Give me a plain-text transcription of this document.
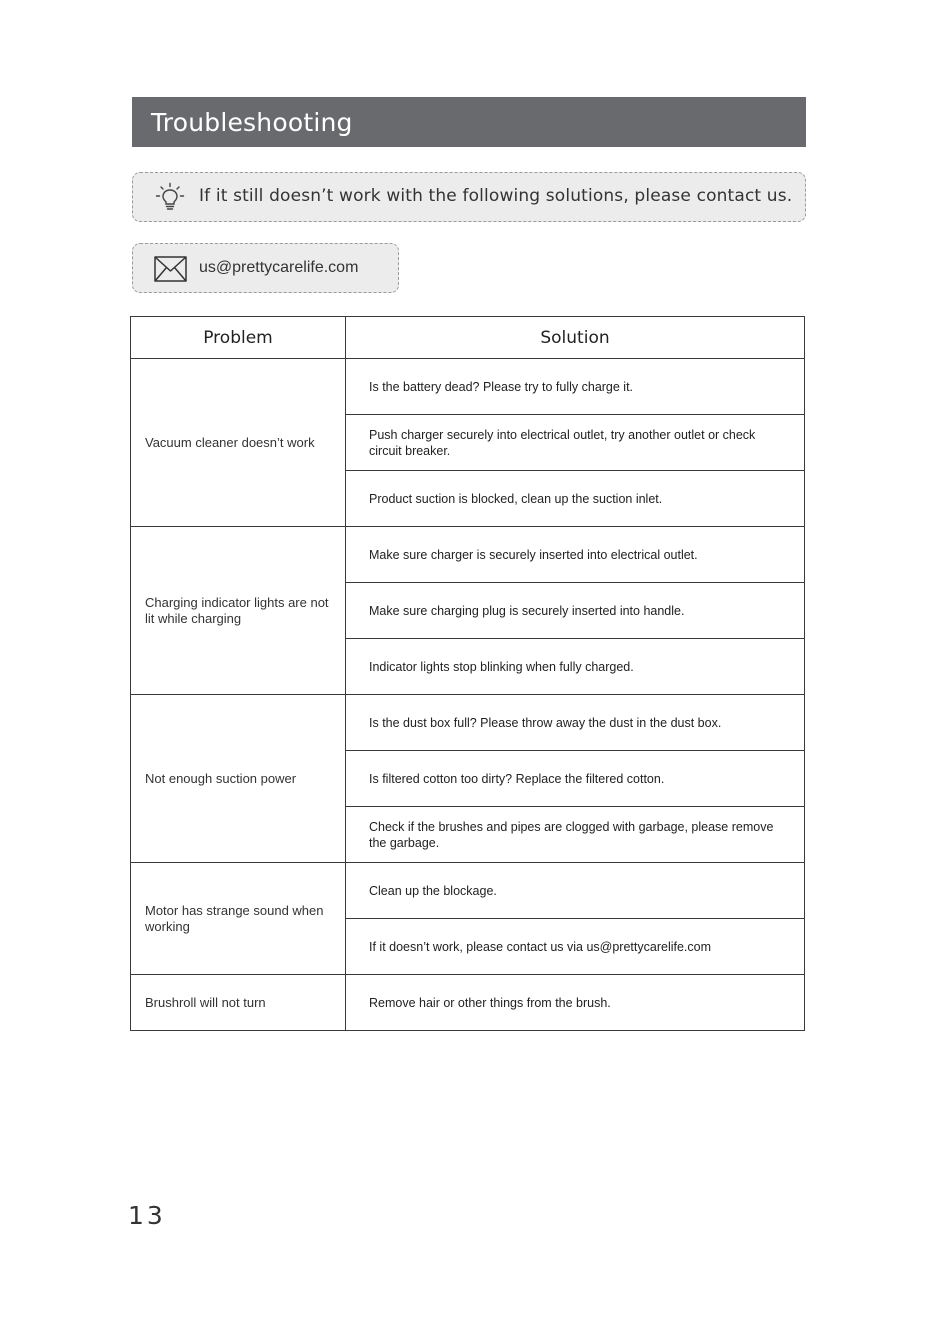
Troubleshooting
If it still doesn’t work with the following solutions, please contact us.
us@prettycarelife.com
Problem	Solution
Vacuum cleaner doesn’t work	Is the battery dead? Please try to fully charge it.
	Push charger securely into electrical outlet, try another outlet or check circuit breaker.
	Product suction is blocked, clean up the suction inlet.
Charging indicator lights are not lit while charging	Make sure charger is securely inserted into electrical outlet.
	Make sure charging plug is securely inserted into handle.
	Indicator lights stop blinking when fully charged.
Not enough suction power	Is the dust box full? Please throw away the dust in the dust box.
	Is filtered cotton too dirty? Replace the filtered cotton.
	Check if the brushes and pipes are clogged with garbage, please remove the garbage.
Motor has strange sound when working	Clean up the blockage.
	If it doesn’t work, please contact us via us@prettycarelife.com
Brushroll will not turn	Remove hair or other things from the brush.
13
